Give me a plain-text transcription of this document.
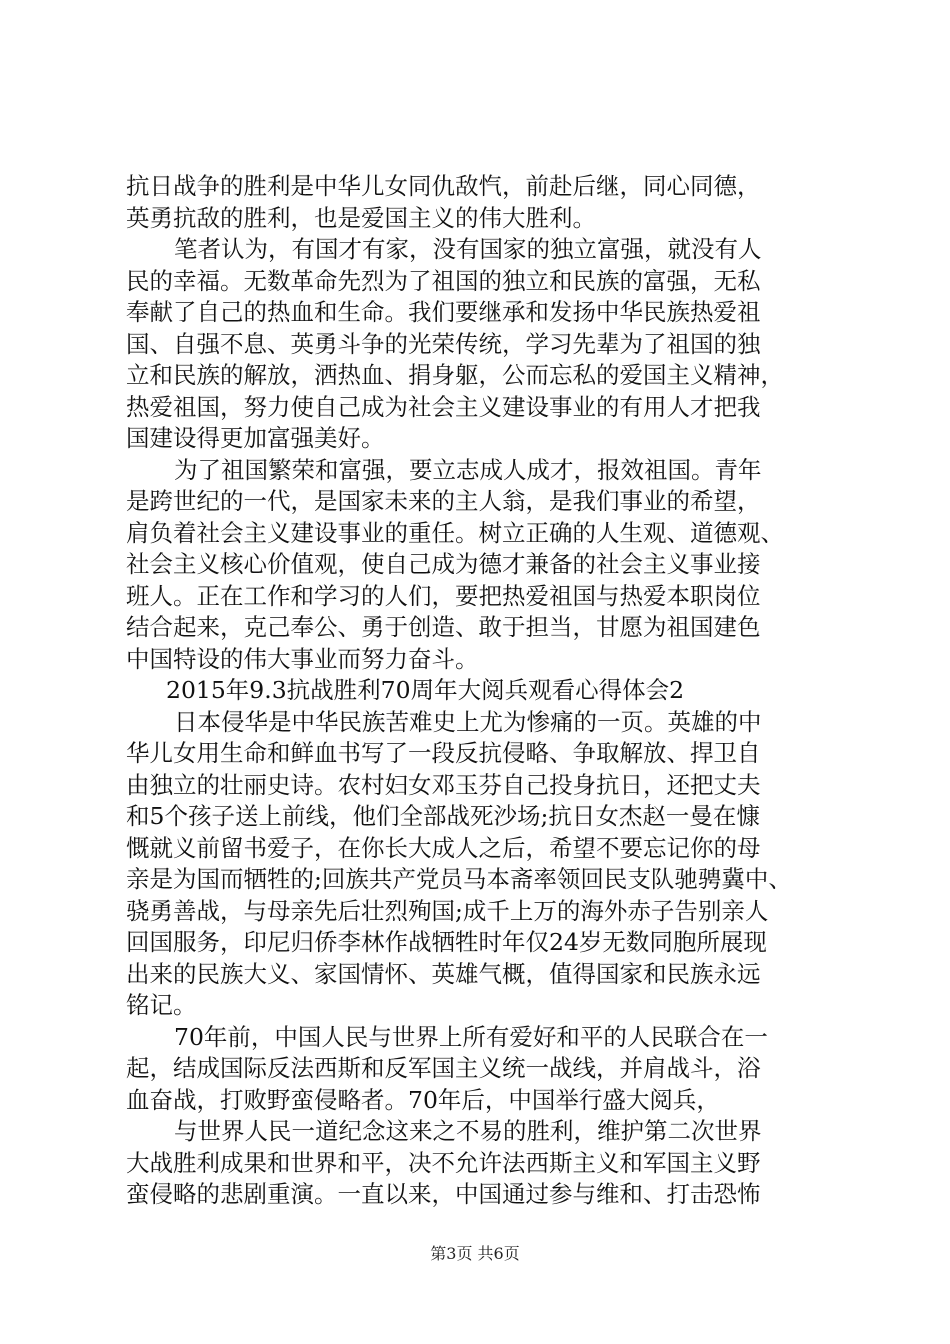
抗日战争的胜利是中华儿女同仇敌忾，前赴后继，同心同德，
英勇抗敌的胜利，也是爱国主义的伟大胜利。
笔者认为，有国才有家，没有国家的独立富强，就没有人
民的幸福。无数革命先烈为了祖国的独立和民族的富强，无私
奉献了自己的热血和生命。我们要继承和发扬中华民族热爱祖
国、自强不息、英勇斗争的光荣传统，学习先辈为了祖国的独
立和民族的解放，洒热血、捐身躯，公而忘私的爱国主义精神，
热爱祖国，努力使自己成为社会主义建设事业的有用人才把我
国建设得更加富强美好。
为了祖国繁荣和富强，要立志成人成才，报效祖国。青年
是跨世纪的一代，是国家未来的主人翁，是我们事业的希望，
肩负着社会主义建设事业的重任。树立正确的人生观、道德观、
社会主义核心价值观，使自己成为德才兼备的社会主义事业接
班人。正在工作和学习的人们，要把热爱祖国与热爱本职岗位
结合起来，克己奉公、勇于创造、敢于担当，甘愿为祖国建色
中国特设的伟大事业而努力奋斗。
2015年9.3抗战胜利70周年大阅兵观看心得体会2
日本侵华是中华民族苦难史上尤为惨痛的一页。英雄的中
华儿女用生命和鲜血书写了一段反抗侵略、争取解放、捍卫自
由独立的壮丽史诗。农村妇女邓玉芬自己投身抗日，还把丈夫
和5个孩子送上前线，他们全部战死沙场;抗日女杰赵一曼在慷
慨就义前留书爱子，在你长大成人之后，希望不要忘记你的母
亲是为国而牺牲的;回族共产党员马本斋率领回民支队驰骋冀中、
骁勇善战，与母亲先后壮烈殉国;成千上万的海外赤子告别亲人
回国服务，印尼归侨李林作战牺牲时年仅24岁无数同胞所展现
出来的民族大义、家国情怀、英雄气概，值得国家和民族永远
铭记。
70年前，中国人民与世界上所有爱好和平的人民联合在一
起，结成国际反法西斯和反军国主义统一战线，并肩战斗，浴
血奋战，打败野蛮侵略者。70年后，中国举行盛大阅兵，
与世界人民一道纪念这来之不易的胜利，维护第二次世界
大战胜利成果和世界和平，决不允许法西斯主义和军国主义野
蛮侵略的悲剧重演。一直以来，中国通过参与维和、打击恐怖
第3页 共6页
